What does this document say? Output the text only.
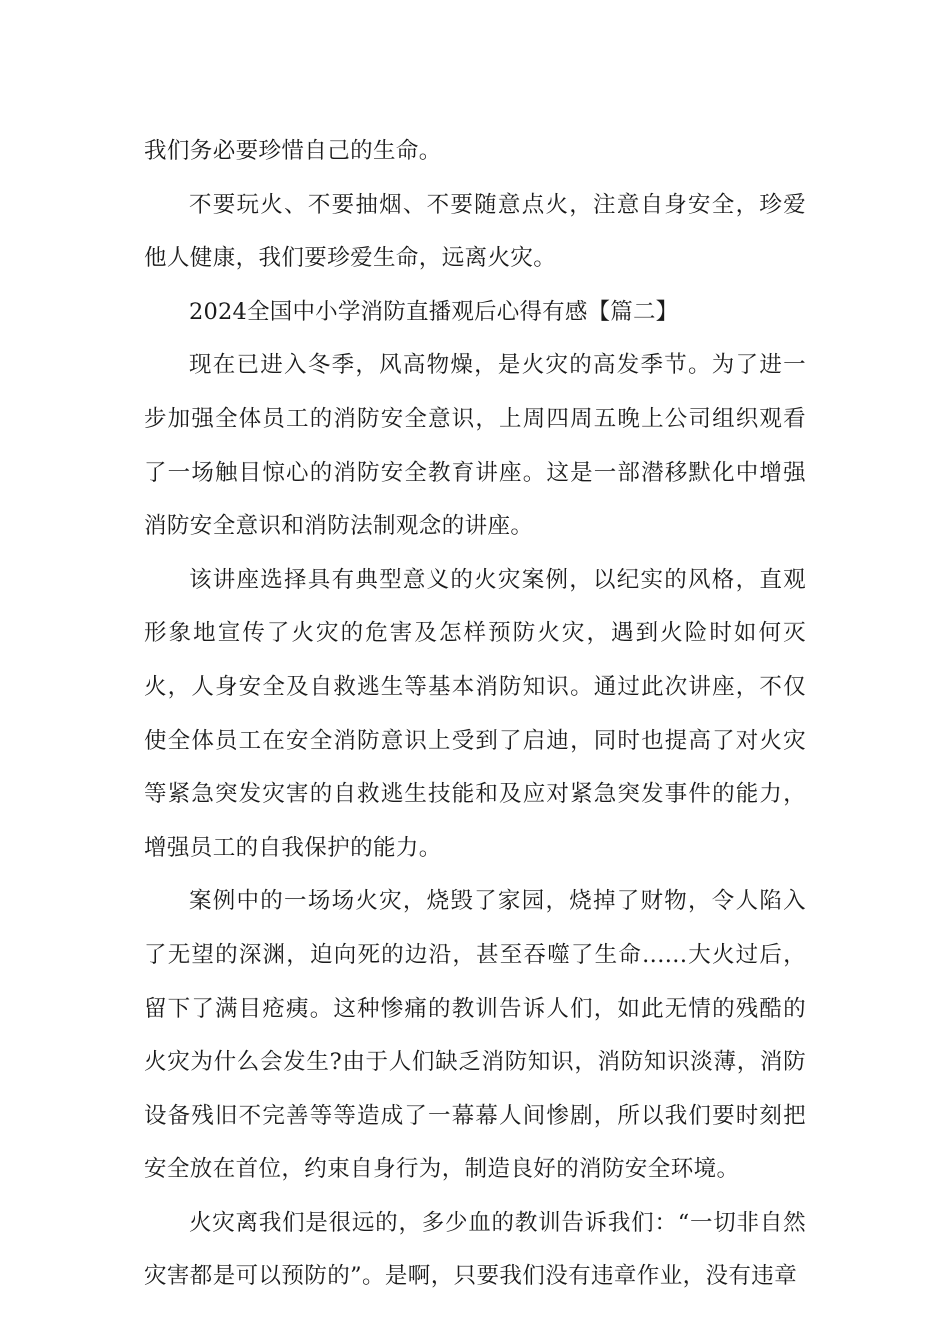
我们务必要珍惜自己的生命。

不要玩火、不要抽烟、不要随意点火，注意自身安全，珍爱他人健康，我们要珍爱生命，远离火灾。

2024全国中小学消防直播观后心得有感【篇二】

现在已进入冬季，风高物燥，是火灾的高发季节。为了进一步加强全体员工的消防安全意识，上周四周五晚上公司组织观看了一场触目惊心的消防安全教育讲座。这是一部潜移默化中增强消防安全意识和消防法制观念的讲座。

该讲座选择具有典型意义的火灾案例，以纪实的风格，直观形象地宣传了火灾的危害及怎样预防火灾，遇到火险时如何灭火，人身安全及自救逃生等基本消防知识。通过此次讲座，不仅使全体员工在安全消防意识上受到了启迪，同时也提高了对火灾等紧急突发灾害的自救逃生技能和及应对紧急突发事件的能力，增强员工的自我保护的能力。

案例中的一场场火灾，烧毁了家园，烧掉了财物，令人陷入了无望的深渊，迫向死的边沿，甚至吞噬了生命......大火过后，留下了满目疮痍。这种惨痛的教训告诉人们，如此无情的残酷的火灾为什么会发生?由于人们缺乏消防知识，消防知识淡薄，消防设备残旧不完善等等造成了一幕幕人间惨剧，所以我们要时刻把安全放在首位，约束自身行为，制造良好的消防安全环境。

火灾离我们是很远的，多少血的教训告诉我们：“一切非自然灾害都是可以预防的”。是啊，只要我们没有违章作业，没有违章
